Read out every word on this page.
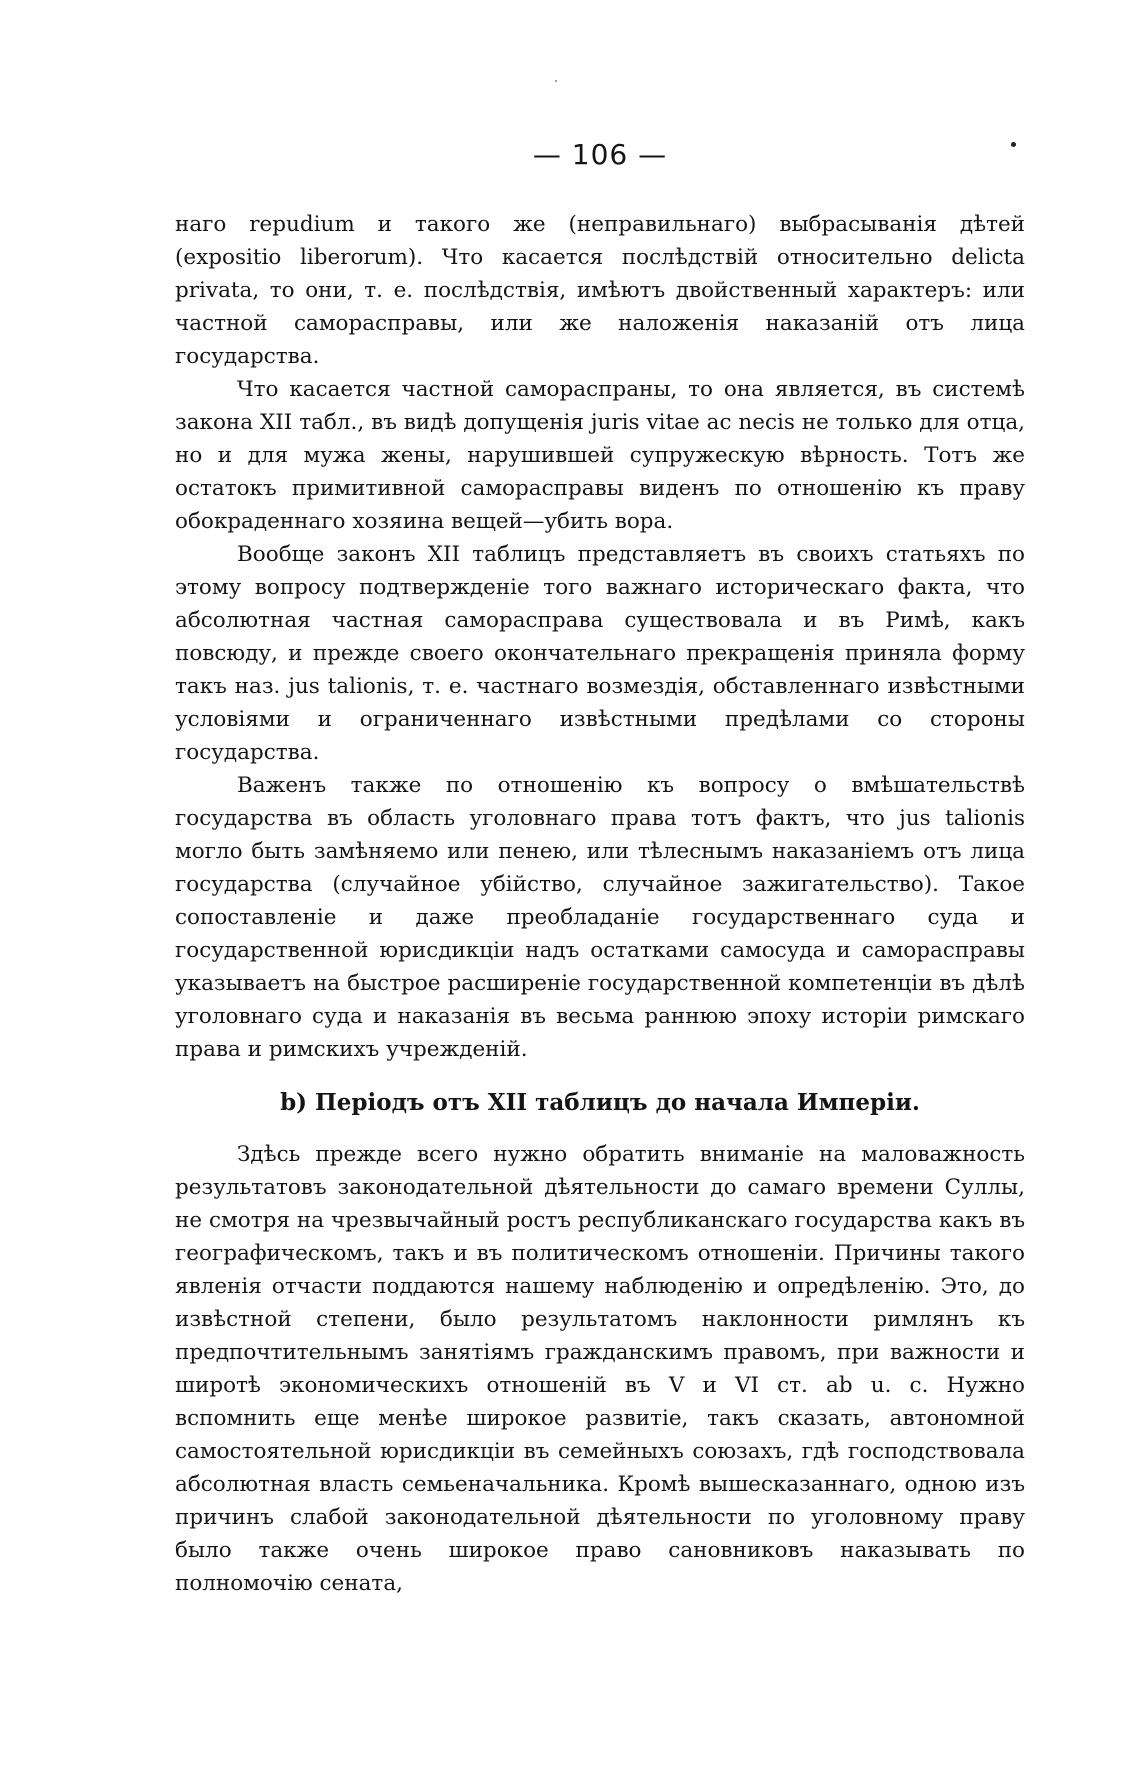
— 106 —

наго repudium и такого же (неправильнаго) выбрасыванія дѣтей (expositio liberorum). Что касается послѣдствій относительно delicta privata, то они, т. е. послѣдствія, имѣютъ двойственный характеръ: или частной самоpacправы, или же наложенія наказаній отъ лица государства.

Что касается частной самораспраны, то она является, въ системѣ закона XII табл., въ видѣ допущенія juris vitae ac necis не только для отца, но и для мужа жены, нарушившей супружескую вѣрность. Тотъ же остатокъ примитивной самораспрaвы виденъ по отношенію къ праву обокраденнаго хозяина вещей—убить вора.

Вообще законъ XII таблицъ представляетъ въ своихъ статьяхъ по этому вопросу подтвержденіе того важнаго историческаго факта, что абсолютная частная самораспрaва существовала и въ Римѣ, какъ повсюду, и прежде своего окончательнаго прекращенія приняла форму такъ наз. jus talionis, т. е. частнаго возмездія, обставленнаго извѣстными условіями и ограниченнаго извѣстными предѣлами со стороны государства.

Важенъ также по отношенію къ вопросу о вмѣшательствѣ государства въ область уголовнаго права тотъ фактъ, что jus talionis могло быть замѣняемо или пенею, или тѣлеснымъ наказаніемъ отъ лица государства (случайное убійство, случайное зажигательство). Такое сопоставленіе и даже преобладаніе государственнаго суда и государственной юрисдикціи надъ остатками самосуда и самораспрaвы указываетъ на быстрое расширеніе государственной компетенціи въ дѣлѣ уголовнаго суда и наказанія въ весьма раннюю эпоху исторіи римскаго права и римскихъ учрежденій.

b) Періодъ отъ XII таблицъ до начала Имперіи.

Здѣсь прежде всего нужно обратить вниманіе на маловажность результатовъ законодательной дѣятельности до самаго времени Суллы, не смотря на чрезвычайный ростъ республиканскаго государства какъ въ географическомъ, такъ и въ политическомъ отношеніи. Причины такого явленія отчасти поддаются нашему наблюденію и опредѣленію. Это, до извѣстной степени, было результатомъ наклонности римлянъ къ предпочтительнымъ занятіямъ гражданскимъ правомъ, при важности и широтѣ экономическихъ отношеній въ V и VI ст. ab u. c. Нужно вспомнить еще менѣе широкое развитіе, такъ сказать, автономной самостоятельной юрисдикціи въ семейныхъ союзахъ, гдѣ господствовала абсолютная власть семьеначальника. Кромѣ вышесказаннаго, одною изъ причинъ слабой законодательной дѣятельности по уголовному праву было также очень широкое право сановниковъ наказывать по полномочію сената,
